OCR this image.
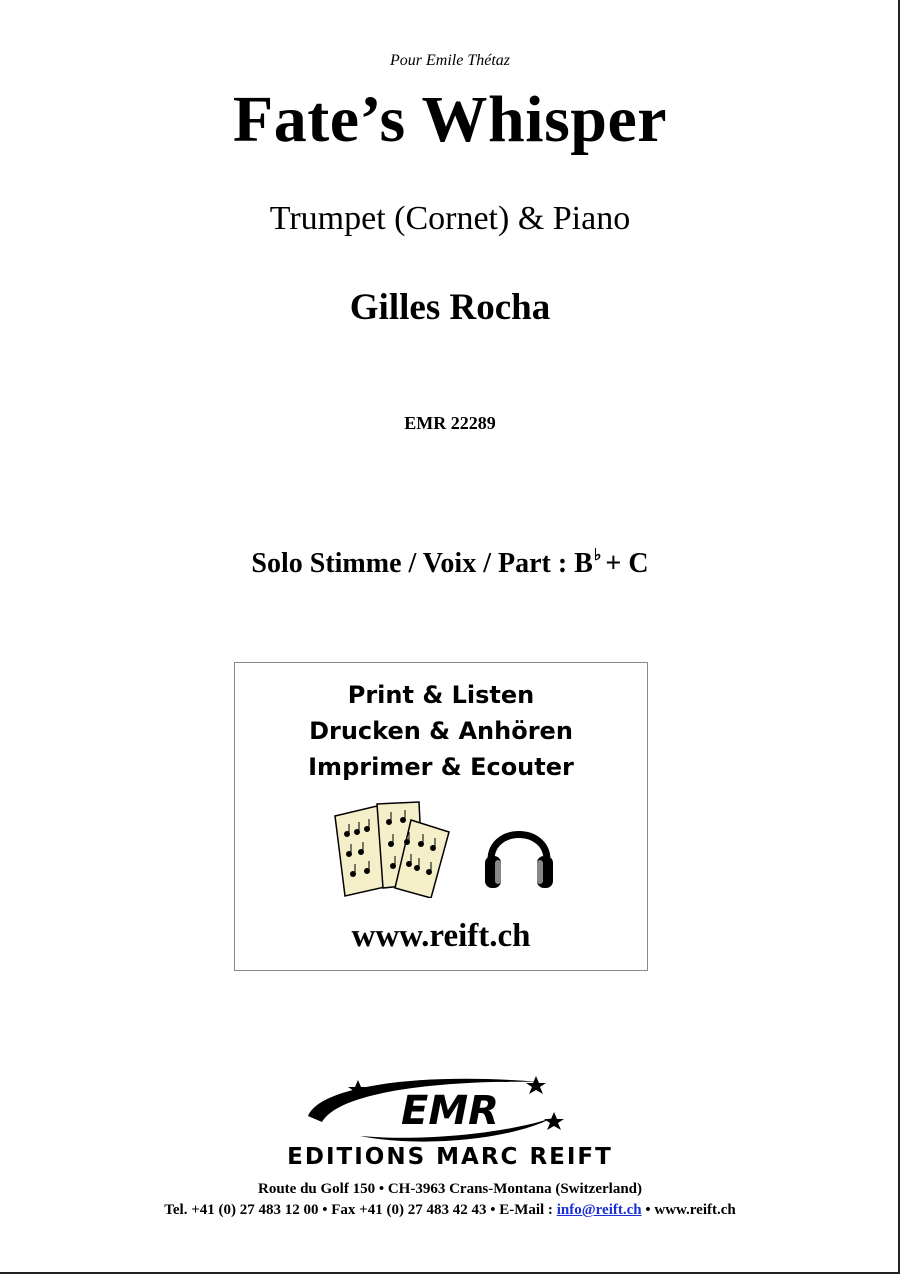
Pour Emile Thétaz
Fate’s Whisper
Trumpet (Cornet) & Piano
Gilles Rocha
EMR 22289
Solo Stimme / Voix / Part : B♭ + C
Print & Listen
Drucken & Anhören
Imprimer & Ecouter
www.reift.ch
EMR
EDITIONS MARC REIFT
Route du Golf 150 • CH-3963 Crans-Montana (Switzerland)
Tel. +41 (0) 27 483 12 00 • Fax +41 (0) 27 483 42 43 • E-Mail : info@reift.ch • www.reift.ch
